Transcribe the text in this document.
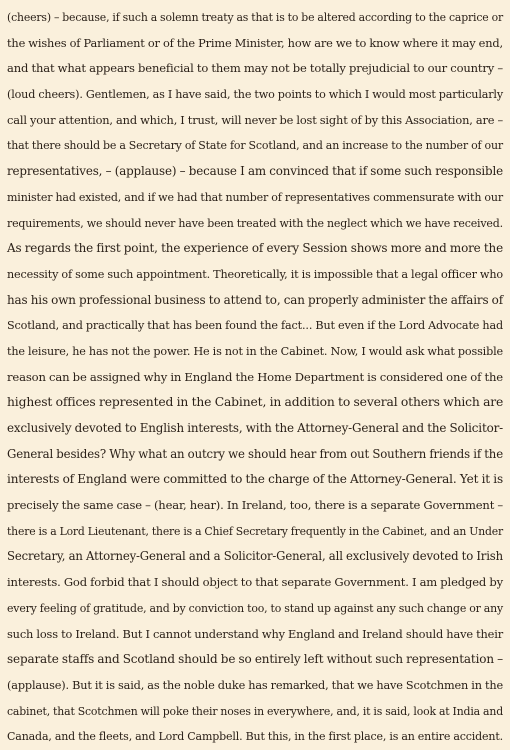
(cheers) – because, if such a solemn treaty as that is to be altered according to the caprice or
the wishes of Parliament or of the Prime Minister, how are we to know where it may end,
and that what appears beneficial to them may not be totally prejudicial to our country –
(loud cheers). Gentlemen, as I have said, the two points to which I would most particularly
call your attention, and which, I trust, will never be lost sight of by this Association, are –
that there should be a Secretary of State for Scotland, and an increase to the number of our
representatives, – (applause) – because I am convinced that if some such responsible
minister had existed, and if we had that number of representatives commensurate with our
requirements, we should never have been treated with the neglect which we have received.
As regards the first point, the experience of every Session shows more and more the
necessity of some such appointment. Theoretically, it is impossible that a legal officer who
has his own professional business to attend to, can properly administer the affairs of
Scotland, and practically that has been found the fact... But even if the Lord Advocate had
the leisure, he has not the power. He is not in the Cabinet. Now, I would ask what possible
reason can be assigned why in England the Home Department is considered one of the
highest offices represented in the Cabinet, in addition to several others which are
exclusively devoted to English interests, with the Attorney-General and the Solicitor-
General besides? Why what an outcry we should hear from out Southern friends if the
interests of England were committed to the charge of the Attorney-General. Yet it is
precisely the same case – (hear, hear). In Ireland, too, there is a separate Government –
there is a Lord Lieutenant, there is a Chief Secretary frequently in the Cabinet, and an Under
Secretary, an Attorney-General and a Solicitor-General, all exclusively devoted to Irish
interests. God forbid that I should object to that separate Government. I am pledged by
every feeling of gratitude, and by conviction too, to stand up against any such change or any
such loss to Ireland. But I cannot understand why England and Ireland should have their
separate staffs and Scotland should be so entirely left without such representation –
(applause). But it is said, as the noble duke has remarked, that we have Scotchmen in the
cabinet, that Scotchmen will poke their noses in everywhere, and, it is said, look at India and
Canada, and the fleets, and Lord Campbell. But this, in the first place, is an entire accident.
